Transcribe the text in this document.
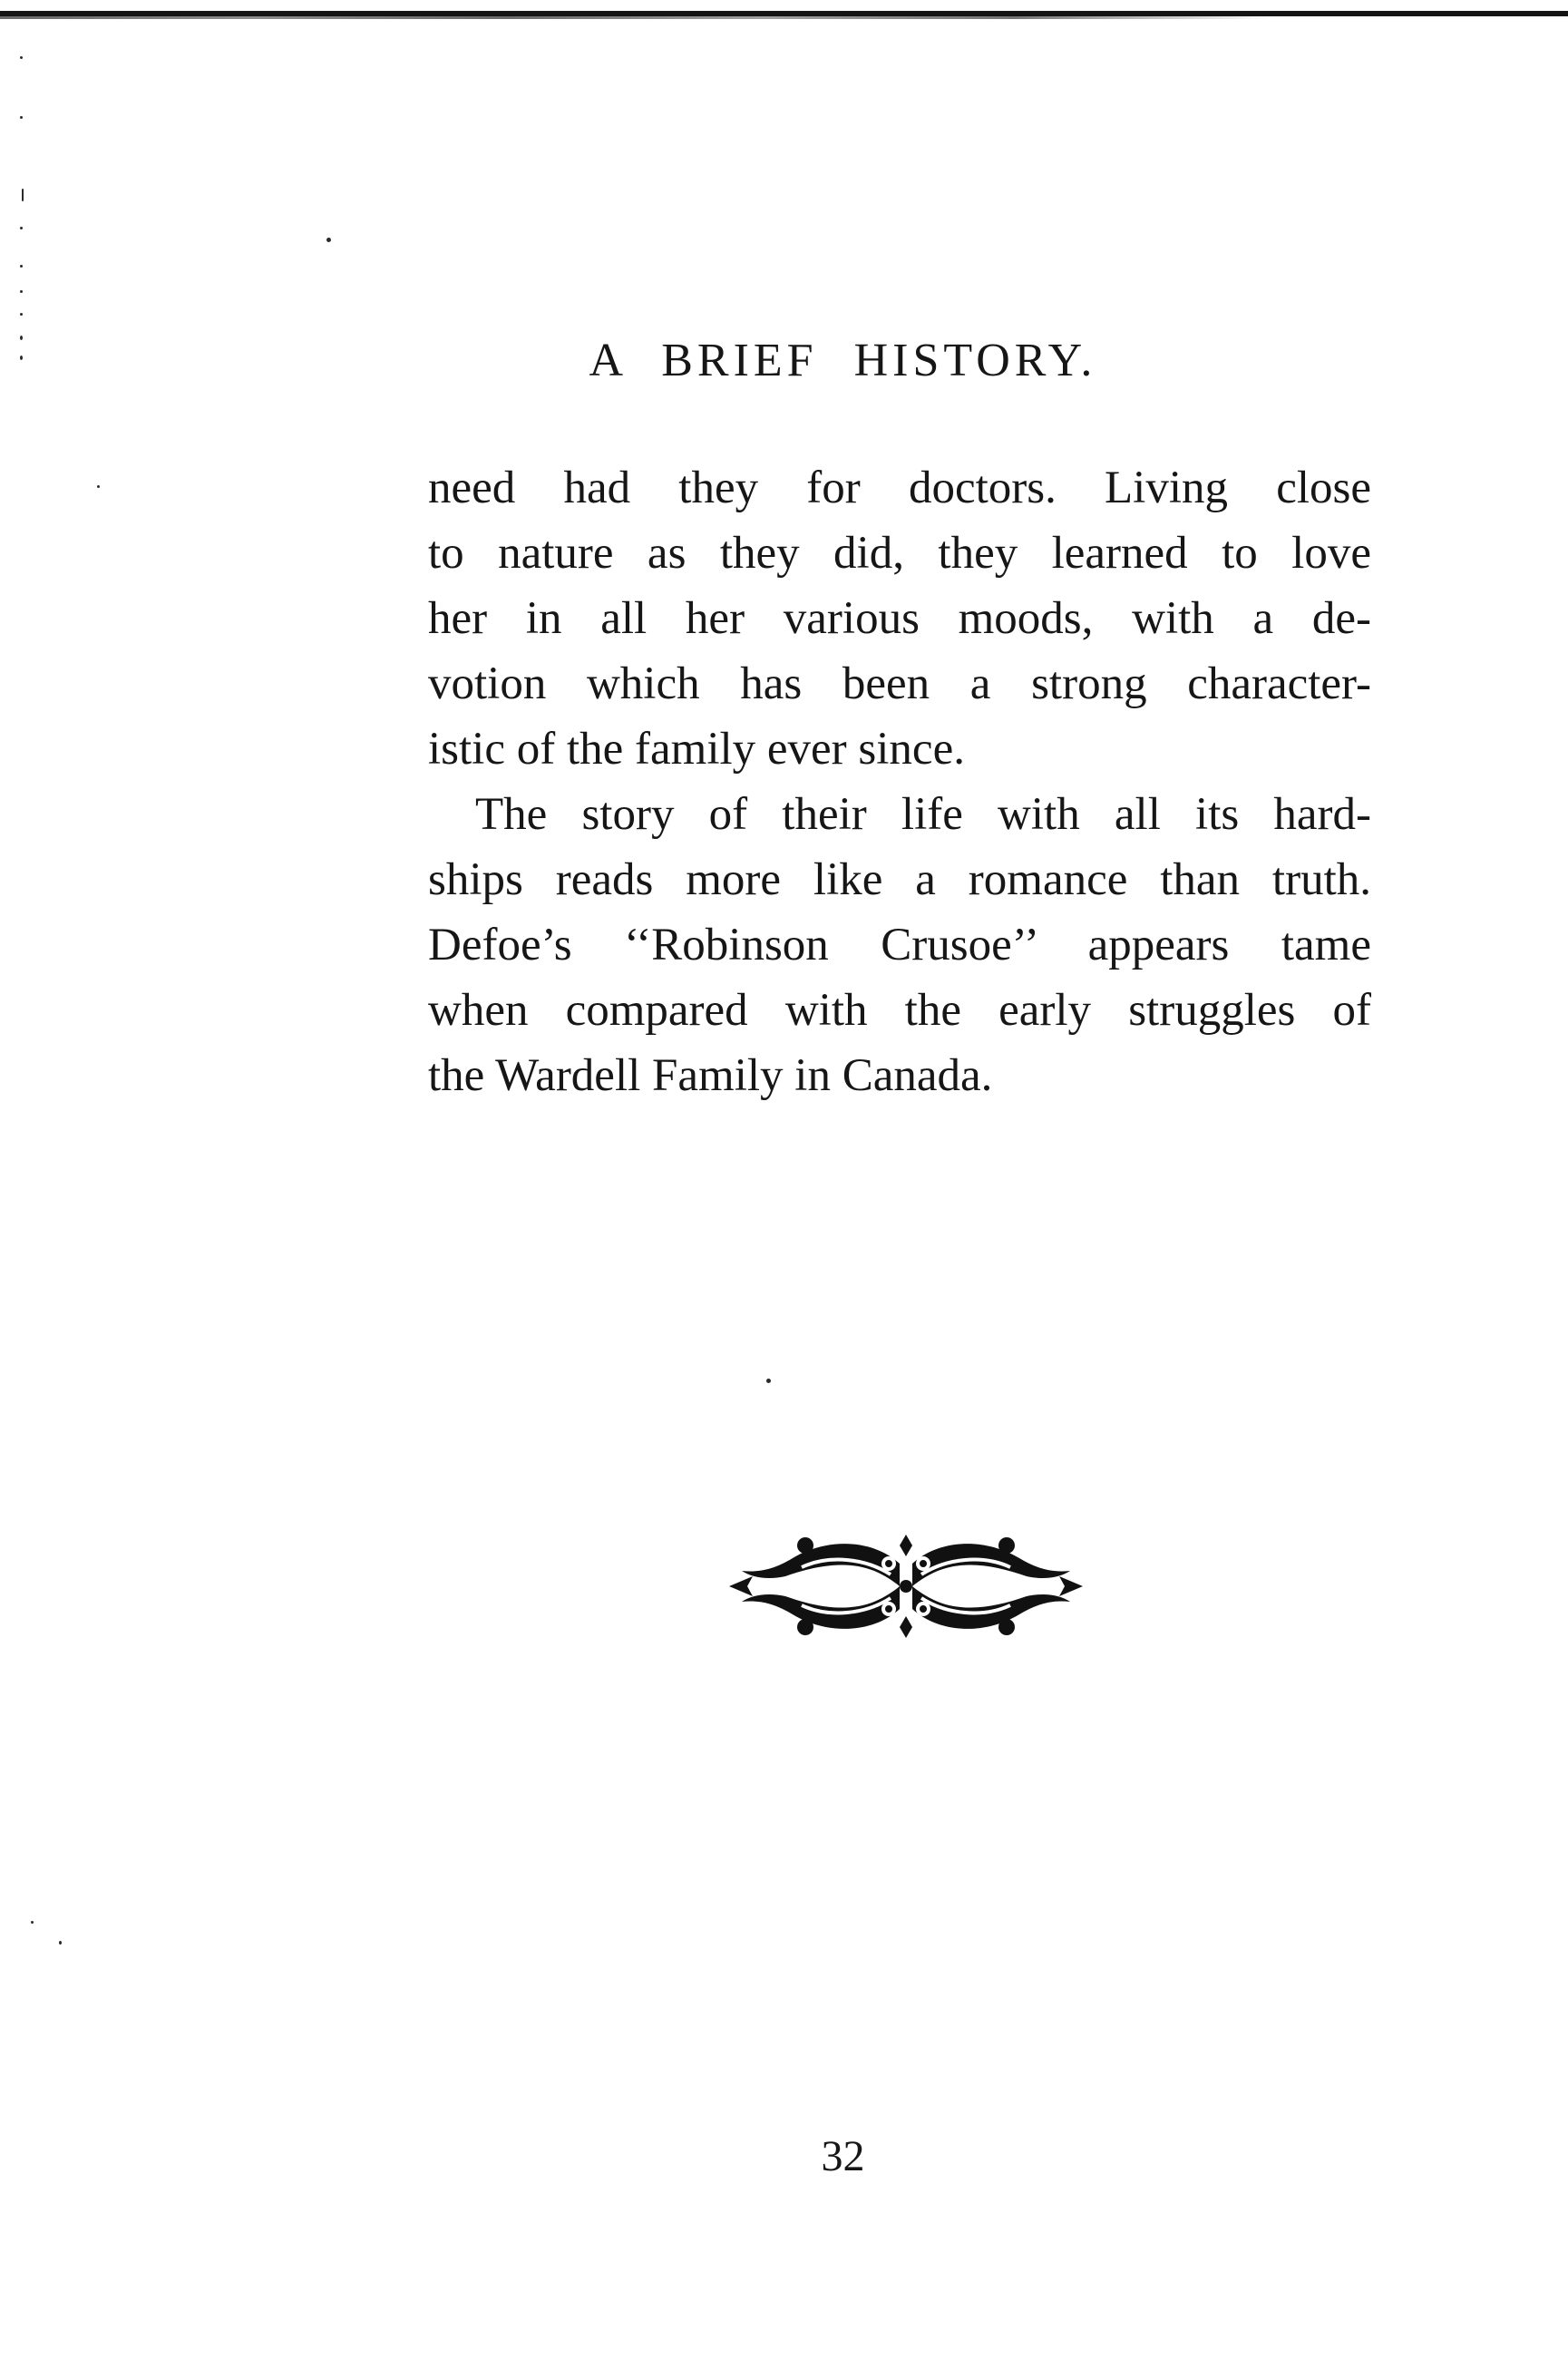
A BRIEF HISTORY.
need had they for doctors. Living close
to nature as they did, they learned to love
her in all her various moods, with a de-
votion which has been a strong character-
istic of the family ever since.
The story of their life with all its hard-
ships reads more like a romance than truth.
Defoe’s ‘‘Robinson Crusoe’’ appears tame
when compared with the early struggles of
the Wardell Family in Canada.
32
